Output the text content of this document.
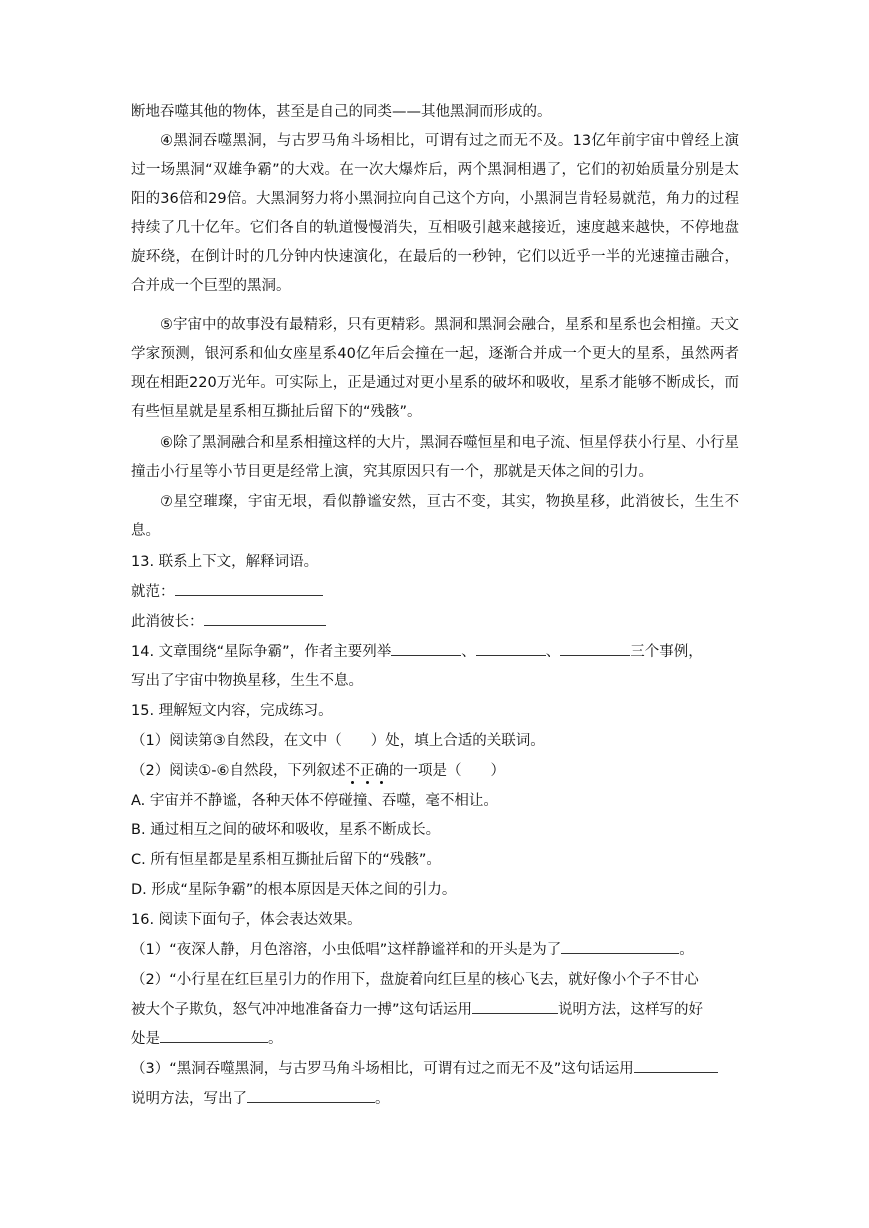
断地吞噬其他的物体，甚至是自己的同类——其他黑洞而形成的。
④黑洞吞噬黑洞，与古罗马角斗场相比，可谓有过之而无不及。13亿年前宇宙中曾经上演过一场黑洞“双雄争霸”的大戏。在一次大爆炸后，两个黑洞相遇了，它们的初始质量分别是太阳的36倍和29倍。大黑洞努力将小黑洞拉向自己这个方向，小黑洞岂肯轻易就范，角力的过程持续了几十亿年。它们各自的轨道慢慢消失，互相吸引越来越接近，速度越来越快，不停地盘旋环绕，在倒计时的几分钟内快速演化，在最后的一秒钟，它们以近乎一半的光速撞击融合，合并成一个巨型的黑洞。
⑤宇宙中的故事没有最精彩，只有更精彩。黑洞和黑洞会融合，星系和星系也会相撞。天文学家预测，银河系和仙女座星系40亿年后会撞在一起，逐渐合并成一个更大的星系，虽然两者现在相距220万光年。可实际上，正是通过对更小星系的破坏和吸收，星系才能够不断成长，而有些恒星就是星系相互撕扯后留下的“残骸”。
⑥除了黑洞融合和星系相撞这样的大片，黑洞吞噬恒星和电子流、恒星俘获小行星、小行星撞击小行星等小节目更是经常上演，究其原因只有一个，那就是天体之间的引力。
⑦星空璀璨，宇宙无垠，看似静谧安然，亘古不变，其实，物换星移，此消彼长，生生不息。
13. 联系上下文，解释词语。
就范：
此消彼长：
14. 文章围绕“星际争霸”，作者主要列举	、	、	三个事例，
写出了宇宙中物换星移，生生不息。
15. 理解短文内容，完成练习。
（1）阅读第③自然段，在文中（　　）处，填上合适的关联词。
（2）阅读①-⑥自然段，下列叙述不正确的一项是（　　）
A. 宇宙并不静谧，各种天体不停碰撞、吞噬，毫不相让。
B. 通过相互之间的破坏和吸收，星系不断成长。
C. 所有恒星都是星系相互撕扯后留下的“残骸”。
D. 形成“星际争霸”的根本原因是天体之间的引力。
16. 阅读下面句子，体会表达效果。
（1）“夜深人静，月色溶溶，小虫低唱”这样静谧祥和的开头是为了	。
（2）“小行星在红巨星引力的作用下，盘旋着向红巨星的核心飞去，就好像小个子不甘心
被大个子欺负，怒气冲冲地准备奋力一搏”这句话运用	说明方法，这样写的好
处是	。
（3）“黑洞吞噬黑洞，与古罗马角斗场相比，可谓有过之而无不及”这句话运用
说明方法，写出了	。
